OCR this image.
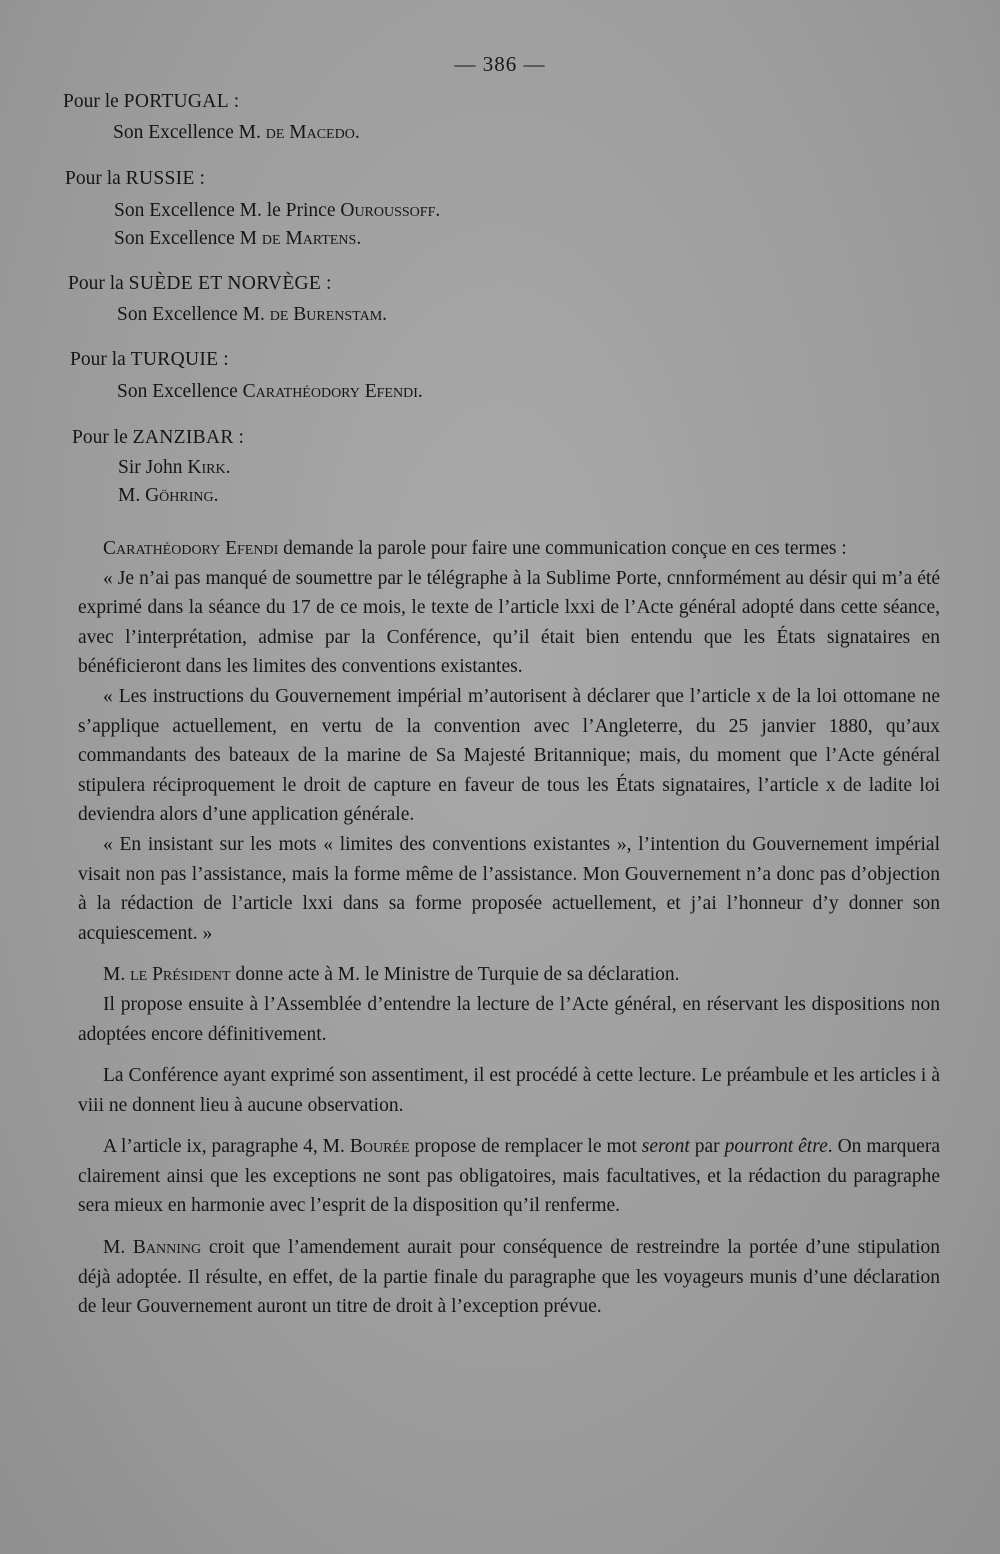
— 386 —
Pour le PORTUGAL :
Son Excellence M. de Macedo.
Pour la RUSSIE :
Son Excellence M. le Prince Ouroussoff.
Son Excellence M de Martens.
Pour la SUÈDE ET NORVÈGE :
Son Excellence M. de Burenstam.
Pour la TURQUIE :
Son Excellence Carathéodory Efendi.
Pour le ZANZIBAR :
Sir John Kirk.
M. Göhring.

Carathéodory Efendi demande la parole pour faire une communication conçue en ces termes :

« Je n’ai pas manqué de soumettre par le télégraphe à la Sublime Porte, cnnformément au désir qui m’a été exprimé dans la séance du 17 de ce mois, le texte de l’article lxxi de l’Acte général adopté dans cette séance, avec l’interprétation, admise par la Conférence, qu’il était bien entendu que les États signataires en bénéficieront dans les limites des conventions existantes.

« Les instructions du Gouvernement impérial m’autorisent à déclarer que l’article x de la loi ottomane ne s’applique actuellement, en vertu de la convention avec l’Angleterre, du 25 janvier 1880, qu’aux commandants des bateaux de la marine de Sa Majesté Britannique; mais, du moment que l’Acte général stipulera réciproquement le droit de capture en faveur de tous les États signataires, l’article x de ladite loi deviendra alors d’une application générale.

« En insistant sur les mots « limites des conventions existantes », l’intention du Gouvernement impérial visait non pas l’assistance, mais la forme même de l’assistance. Mon Gouvernement n’a donc pas d’objection à la rédaction de l’article lxxi dans sa forme proposée actuellement, et j’ai l’honneur d’y donner son acquiescement. »

M. le Président donne acte à M. le Ministre de Turquie de sa déclaration.

Il propose ensuite à l’Assemblée d’entendre la lecture de l’Acte général, en réservant les dispositions non adoptées encore définitivement.

La Conférence ayant exprimé son assentiment, il est procédé à cette lecture. Le préambule et les articles i à viii ne donnent lieu à aucune observation.

A l’article ix, paragraphe 4, M. Bourée propose de remplacer le mot seront par pourront être. On marquera clairement ainsi que les exceptions ne sont pas obligatoires, mais facultatives, et la rédaction du paragraphe sera mieux en harmonie avec l’esprit de la disposition qu’il renferme.

M. Banning croit que l’amendement aurait pour conséquence de restreindre la portée d’une stipulation déjà adoptée. Il résulte, en effet, de la partie finale du paragraphe que les voyageurs munis d’une déclaration de leur Gouvernement auront un titre de droit à l’exception prévue.
